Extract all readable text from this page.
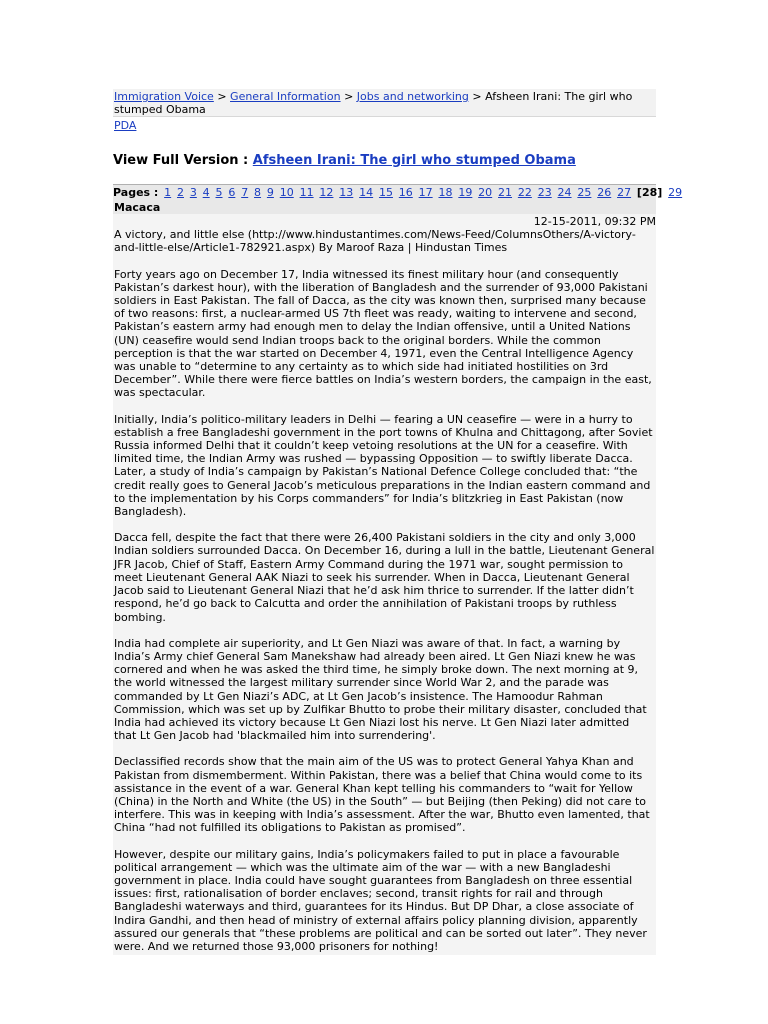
Immigration Voice > General Information > Jobs and networking > Afsheen Irani: The girl who stumped Obama
PDA
View Full Version : Afsheen Irani: The girl who stumped Obama
Pages : 1 2 3 4 5 6 7 8 9 10 11 12 13 14 15 16 17 18 19 20 21 22 23 24 25 26 27 [28] 29
Macaca
12-15-2011, 09:32 PM

A victory, and little else (http://www.hindustantimes.com/News-Feed/ColumnsOthers/A-victory-and-little-else/Article1-782921.aspx) By Maroof Raza | Hindustan Times

Forty years ago on December 17, India witnessed its finest military hour (and consequently Pakistan’s darkest hour), with the liberation of Bangladesh and the surrender of 93,000 Pakistani soldiers in East Pakistan. The fall of Dacca, as the city was known then, surprised many because of two reasons: first, a nuclear-armed US 7th fleet was ready, waiting to intervene and second, Pakistan’s eastern army had enough men to delay the Indian offensive, until a United Nations (UN) ceasefire would send Indian troops back to the original borders. While the common perception is that the war started on December 4, 1971, even the Central Intelligence Agency was unable to “determine to any certainty as to which side had initiated hostilities on 3rd December”. While there were fierce battles on India’s western borders, the campaign in the east, was spectacular.

Initially, India’s politico-military leaders in Delhi — fearing a UN ceasefire — were in a hurry to establish a free Bangladeshi government in the port towns of Khulna and Chittagong, after Soviet Russia informed Delhi that it couldn’t keep vetoing resolutions at the UN for a ceasefire. With limited time, the Indian Army was rushed — bypassing Opposition — to swiftly liberate Dacca. Later, a study of India’s campaign by Pakistan’s National Defence College concluded that: “the credit really goes to General Jacob’s meticulous preparations in the Indian eastern command and to the implementation by his Corps commanders” for India’s blitzkrieg in East Pakistan (now Bangladesh).

Dacca fell, despite the fact that there were 26,400 Pakistani soldiers in the city and only 3,000 Indian soldiers surrounded Dacca. On December 16, during a lull in the battle, Lieutenant General JFR Jacob, Chief of Staff, Eastern Army Command during the 1971 war, sought permission to meet Lieutenant General AAK Niazi to seek his surrender. When in Dacca, Lieutenant General Jacob said to Lieutenant General Niazi that he’d ask him thrice to surrender. If the latter didn’t respond, he’d go back to Calcutta and order the annihilation of Pakistani troops by ruthless bombing.

India had complete air superiority, and Lt Gen Niazi was aware of that. In fact, a warning by India’s Army chief General Sam Manekshaw had already been aired. Lt Gen Niazi knew he was cornered and when he was asked the third time, he simply broke down. The next morning at 9, the world witnessed the largest military surrender since World War 2, and the parade was commanded by Lt Gen Niazi’s ADC, at Lt Gen Jacob’s insistence. The Hamoodur Rahman Commission, which was set up by Zulfikar Bhutto to probe their military disaster, concluded that India had achieved its victory because Lt Gen Niazi lost his nerve. Lt Gen Niazi later admitted that Lt Gen Jacob had 'blackmailed him into surrendering'.

Declassified records show that the main aim of the US was to protect General Yahya Khan and Pakistan from dismemberment. Within Pakistan, there was a belief that China would come to its assistance in the event of a war. General Khan kept telling his commanders to “wait for Yellow (China) in the North and White (the US) in the South” — but Beijing (then Peking) did not care to interfere. This was in keeping with India’s assessment. After the war, Bhutto even lamented, that China “had not fulfilled its obligations to Pakistan as promised”.

However, despite our military gains, India’s policymakers failed to put in place a favourable political arrangement — which was the ultimate aim of the war — with a new Bangladeshi government in place. India could have sought guarantees from Bangladesh on three essential issues: first, rationalisation of border enclaves; second, transit rights for rail and through Bangladeshi waterways and third, guarantees for its Hindus. But DP Dhar, a close associate of Indira Gandhi, and then head of ministry of external affairs policy planning division, apparently assured our generals that “these problems are political and can be sorted out later”. They never were. And we returned those 93,000 prisoners for nothing!
